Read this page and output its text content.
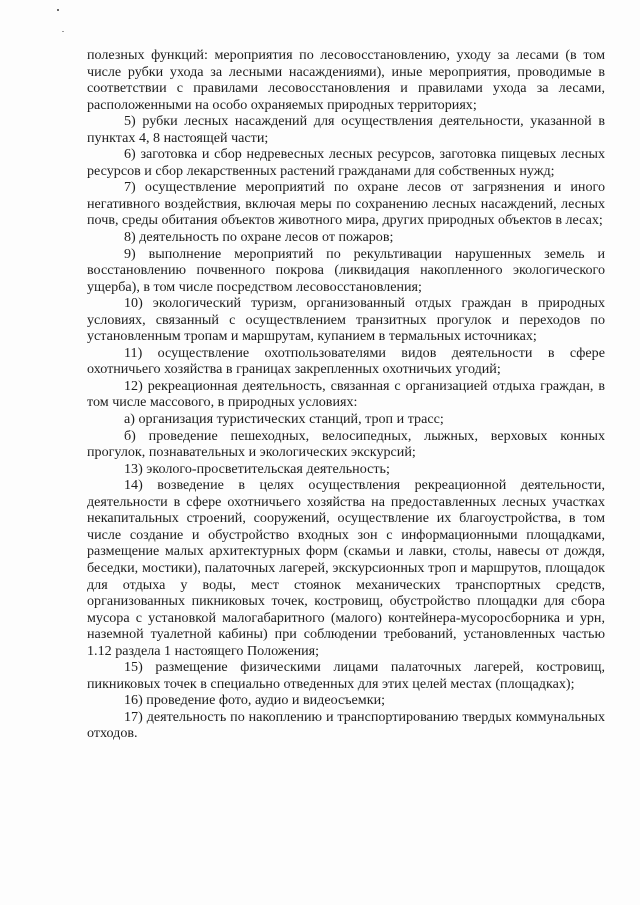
полезных функций: мероприятия по лесовосстановлению, уходу за лесами (в том числе рубки ухода за лесными насаждениями), иные мероприятия, проводимые в соответствии с правилами лесовосстановления и правилами ухода за лесами, расположенными на особо охраняемых природных территориях;

5) рубки лесных насаждений для осуществления деятельности, указанной в пунктах 4, 8 настоящей части;

6) заготовка и сбор недревесных лесных ресурсов, заготовка пищевых лесных ресурсов и сбор лекарственных растений гражданами для собственных нужд;

7) осуществление мероприятий по охране лесов от загрязнения и иного негативного воздействия, включая меры по сохранению лесных насаждений, лесных почв, среды обитания объектов животного мира, других природных объектов в лесах;

8) деятельность по охране лесов от пожаров;

9) выполнение мероприятий по рекультивации нарушенных земель и восстановлению почвенного покрова (ликвидация накопленного экологического ущерба), в том числе посредством лесовосстановления;

10) экологический туризм, организованный отдых граждан в природных условиях, связанный с осуществлением транзитных прогулок и переходов по установленным тропам и маршрутам, купанием в термальных источниках;

11) осуществление охотпользователями видов деятельности в сфере охотничьего хозяйства в границах закрепленных охотничьих угодий;

12) рекреационная деятельность, связанная с организацией отдыха граждан, в том числе массового, в природных условиях:

а) организация туристических станций, троп и трасс;

б) проведение пешеходных, велосипедных, лыжных, верховых конных прогулок, познавательных и экологических экскурсий;

13) эколого-просветительская деятельность;

14) возведение в целях осуществления рекреационной деятельности, деятельности в сфере охотничьего хозяйства на предоставленных лесных участках некапитальных строений, сооружений, осуществление их благоустройства, в том числе создание и обустройство входных зон с информационными площадками, размещение малых архитектурных форм (скамьи и лавки, столы, навесы от дождя, беседки, мостики), палаточных лагерей, экскурсионных троп и маршрутов, площадок для отдыха у воды, мест стоянок механических транспортных средств, организованных пикниковых точек, костровищ, обустройство площадки для сбора мусора с установкой малогабаритного (малого) контейнера-мусоросборника и урн, наземной туалетной кабины) при соблюдении требований, установленных частью 1.12 раздела 1 настоящего Положения;

15) размещение физическими лицами палаточных лагерей, костровищ, пикниковых точек в специально отведенных для этих целей местах (площадках);

16) проведение фото, аудио и видеосъемки;

17) деятельность по накоплению и транспортированию твердых коммунальных отходов.
